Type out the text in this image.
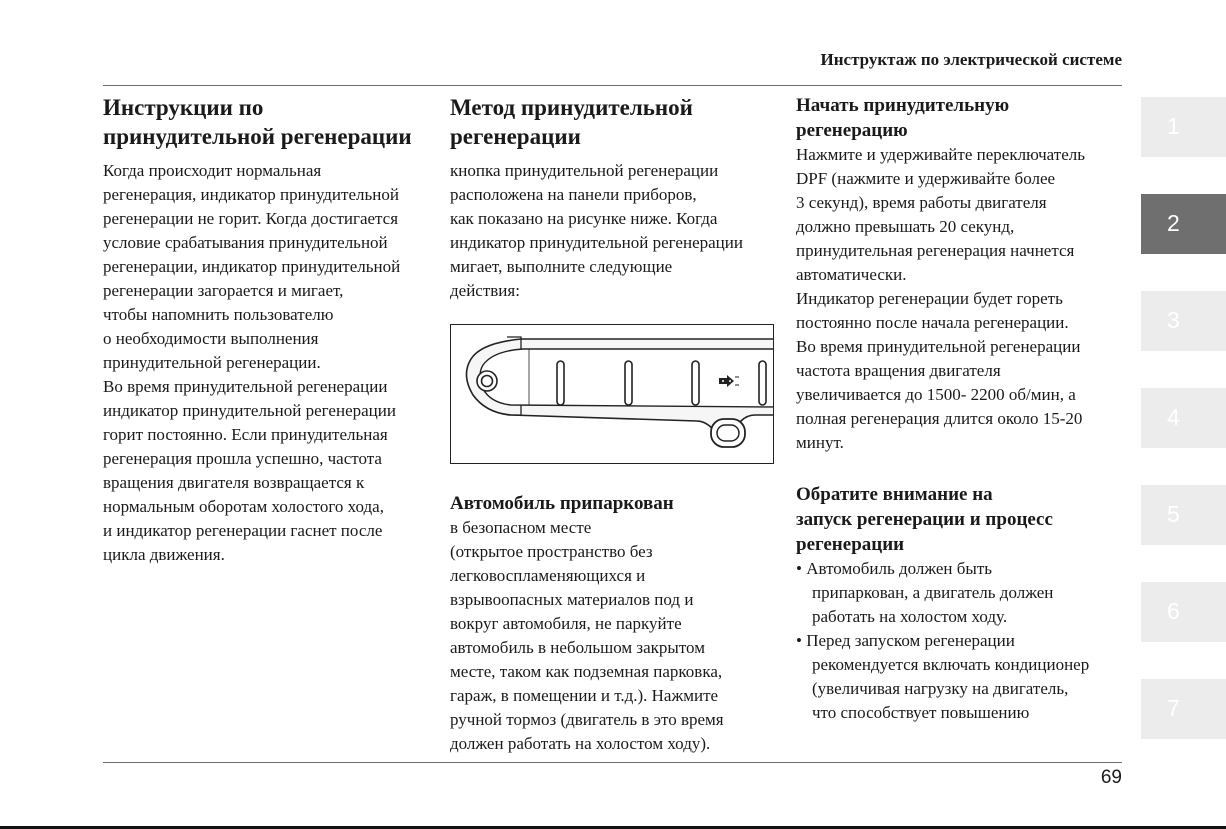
Инструктаж по электрической системе
Инструкции по
принудительной регенерации

Когда происходит нормальная
регенерация, индикатор принудительной
регенерации не горит. Когда достигается
условие срабатывания принудительной
регенерации, индикатор принудительной
регенерации загорается и мигает,
чтобы напомнить пользователю
о необходимости выполнения
принудительной регенерации.
Во время принудительной регенерации
индикатор принудительной регенерации
горит постоянно. Если принудительная
регенерация прошла успешно, частота
вращения двигателя возвращается к
нормальным оборотам холостого хода,
и индикатор регенерации гаснет после
цикла движения.

Метод принудительной
регенерации

кнопка принудительной регенерации
расположена на панели приборов,
как показано на рисунке ниже. Когда
индикатор принудительной регенерации
мигает, выполните следующие
действия:

Автомобиль припаркован

в безопасном месте
(открытое пространство без
легковоспламеняющихся и
взрывоопасных материалов под и
вокруг автомобиля, не паркуйте
автомобиль в небольшом закрытом
месте, таком как подземная парковка,
гараж, в помещении и т.д.). Нажмите
ручной тормоз (двигатель в это время
должен работать на холостом ходу).

Начать принудительную
регенерацию

Нажмите и удерживайте переключатель
DPF (нажмите и удерживайте более
3 секунд), время работы двигателя
должно превышать 20 секунд,
принудительная регенерация начнется
автоматически.
Индикатор регенерации будет гореть
постоянно после начала регенерации.
Во время принудительной регенерации
частота вращения двигателя
увеличивается до 1500- 2200 об/мин, а
полная регенерация длится около 15-20
минут.

Обратите внимание на
запуск регенерации и процесс
регенерации

• Автомобиль должен быть
припаркован, а двигатель должен
работать на холостом ходу.

• Перед запуском регенерации
рекомендуется включать кондиционер
(увеличивая нагрузку на двигатель,
что способствует повышению

1
2
3
4
5
6
7
69
